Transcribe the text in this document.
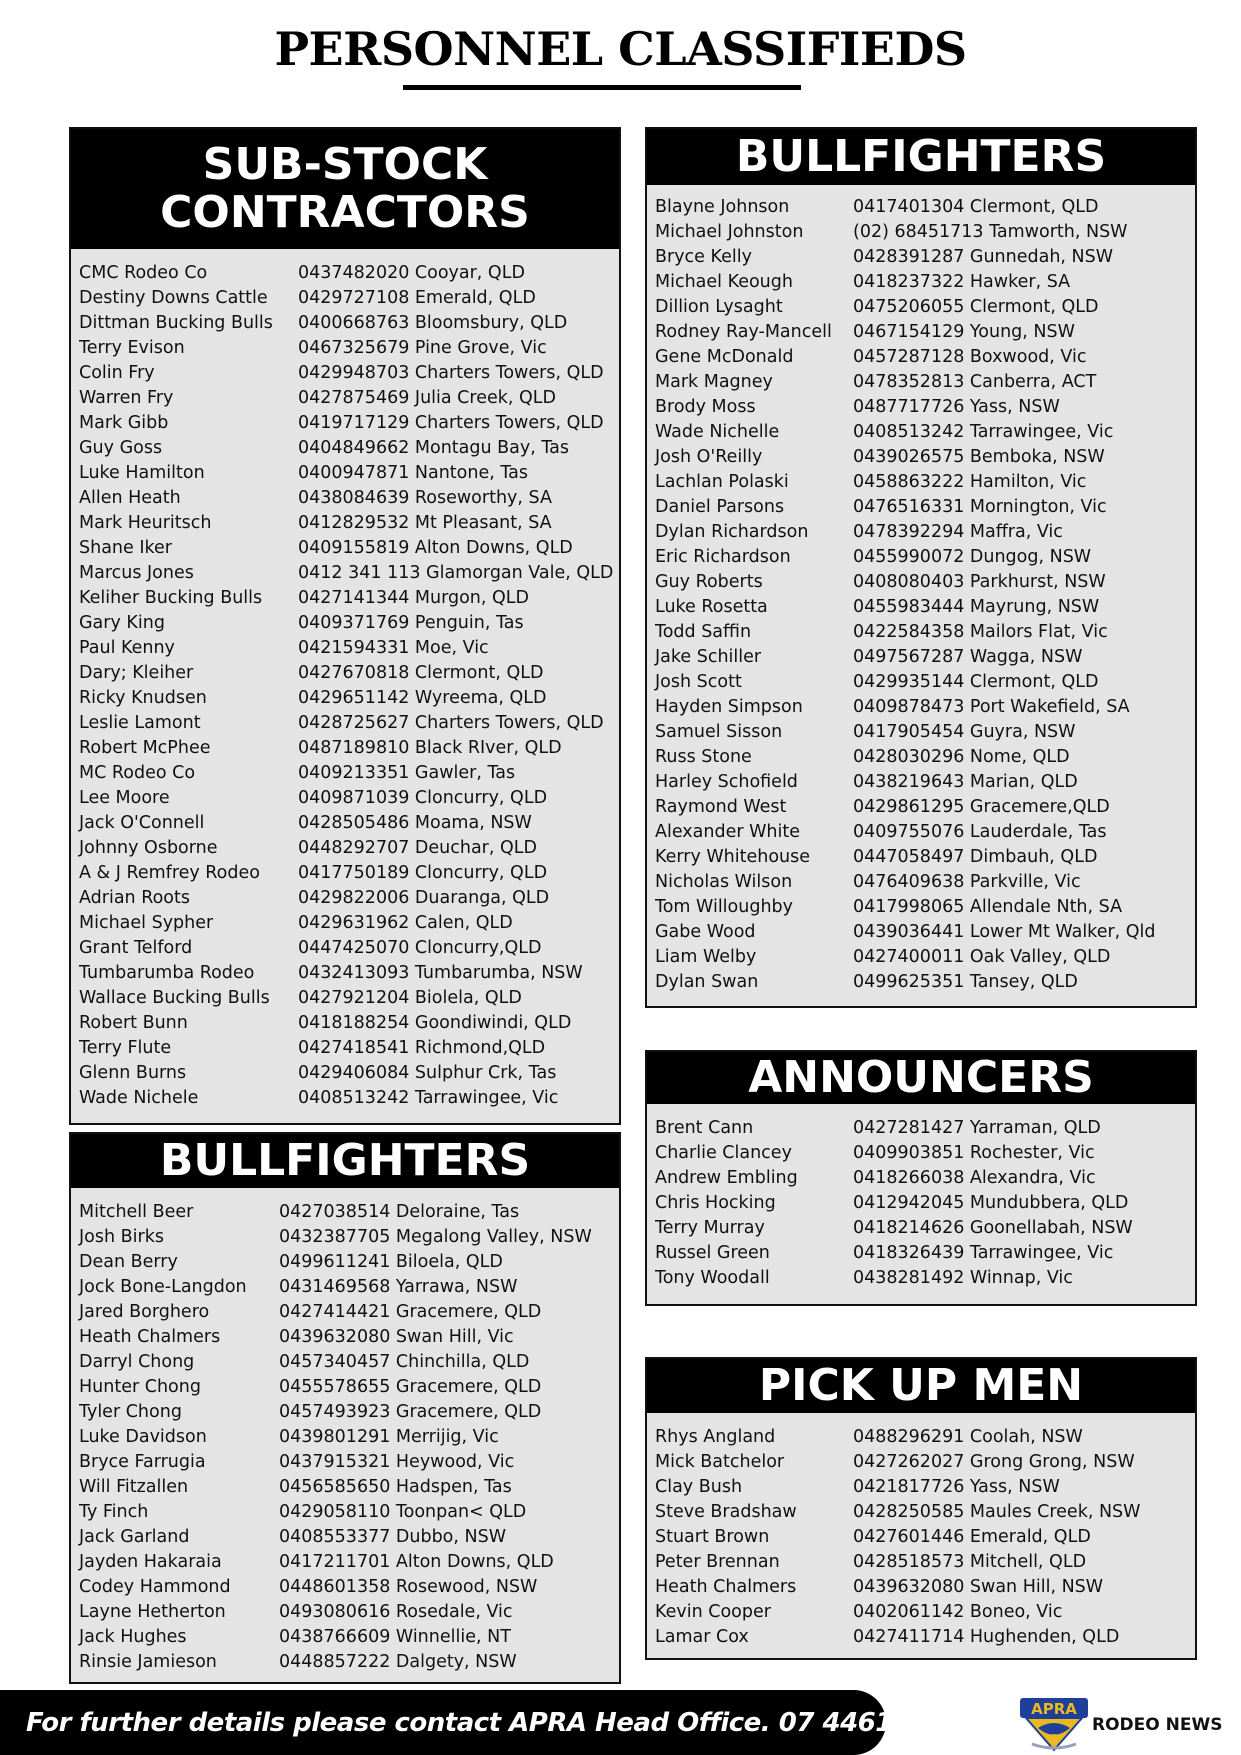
PERSONNEL CLASSIFIEDS
SUB-STOCK
CONTRACTORS
CMC Rodeo Co	0437482020 Cooyar, QLD
Destiny Downs Cattle	0429727108 Emerald, QLD
Dittman Bucking Bulls	0400668763 Bloomsbury, QLD
Terry Evison	0467325679 Pine Grove, Vic
Colin Fry	0429948703 Charters Towers, QLD
Warren Fry	0427875469 Julia Creek, QLD
Mark Gibb	0419717129 Charters Towers, QLD
Guy Goss	0404849662 Montagu Bay, Tas
Luke Hamilton	0400947871 Nantone, Tas
Allen Heath	0438084639 Roseworthy, SA
Mark Heuritsch	0412829532 Mt Pleasant, SA
Shane Iker	0409155819 Alton Downs, QLD
Marcus Jones	0412 341 113 Glamorgan Vale, QLD
Keliher Bucking Bulls	0427141344 Murgon, QLD
Gary King	0409371769 Penguin, Tas
Paul Kenny	0421594331 Moe, Vic
Dary; Kleiher	0427670818 Clermont, QLD
Ricky Knudsen	0429651142 Wyreema, QLD
Leslie Lamont	0428725627 Charters Towers, QLD
Robert McPhee	0487189810 Black RIver, QLD
MC Rodeo Co	0409213351 Gawler, Tas
Lee Moore	0409871039 Cloncurry, QLD
Jack O'Connell	0428505486 Moama, NSW
Johnny Osborne	0448292707 Deuchar, QLD
A & J Remfrey Rodeo	0417750189 Cloncurry, QLD
Adrian Roots	0429822006 Duaranga, QLD
Michael Sypher	0429631962 Calen, QLD
Grant Telford	0447425070 Cloncurry,QLD
Tumbarumba Rodeo	0432413093 Tumbarumba, NSW
Wallace Bucking Bulls	0427921204 Biolela, QLD
Robert Bunn	0418188254 Goondiwindi, QLD
Terry Flute	0427418541 Richmond,QLD
Glenn Burns	0429406084 Sulphur Crk, Tas
Wade Nichele	0408513242 Tarrawingee, Vic
BULLFIGHTERS
Mitchell Beer	0427038514 Deloraine, Tas
Josh Birks	0432387705 Megalong Valley, NSW
Dean Berry	0499611241 Biloela, QLD
Jock Bone-Langdon	0431469568 Yarrawa, NSW
Jared Borghero	0427414421 Gracemere, QLD
Heath Chalmers	0439632080 Swan Hill, Vic
Darryl Chong	0457340457 Chinchilla, QLD
Hunter Chong	0455578655 Gracemere, QLD
Tyler Chong	0457493923 Gracemere, QLD
Luke Davidson	0439801291 Merrijig, Vic
Bryce Farrugia	0437915321 Heywood, Vic
Will Fitzallen	0456585650 Hadspen, Tas
Ty Finch	0429058110 Toonpan< QLD
Jack Garland	0408553377 Dubbo, NSW
Jayden Hakaraia	0417211701 Alton Downs, QLD
Codey Hammond	0448601358 Rosewood, NSW
Layne Hetherton	0493080616 Rosedale, Vic
Jack Hughes	0438766609 Winnellie, NT
Rinsie Jamieson	0448857222 Dalgety, NSW
BULLFIGHTERS
Blayne Johnson	0417401304 Clermont, QLD
Michael Johnston	(02) 68451713 Tamworth, NSW
Bryce Kelly	0428391287 Gunnedah, NSW
Michael Keough	0418237322 Hawker, SA
Dillion Lysaght	0475206055 Clermont, QLD
Rodney Ray-Mancell	0467154129 Young, NSW
Gene McDonald	0457287128 Boxwood, Vic
Mark Magney	0478352813 Canberra, ACT
Brody Moss	0487717726 Yass, NSW
Wade Nichelle	0408513242 Tarrawingee, Vic
Josh O'Reilly	0439026575 Bemboka, NSW
Lachlan Polaski	0458863222 Hamilton, Vic
Daniel Parsons	0476516331 Mornington, Vic
Dylan Richardson	0478392294 Maffra, Vic
Eric Richardson	0455990072 Dungog, NSW
Guy Roberts	0408080403 Parkhurst, NSW
Luke Rosetta	0455983444 Mayrung, NSW
Todd Saffin	0422584358 Mailors Flat, Vic
Jake Schiller	0497567287 Wagga, NSW
Josh Scott	0429935144 Clermont, QLD
Hayden Simpson	0409878473 Port Wakefield, SA
Samuel Sisson	0417905454 Guyra, NSW
Russ Stone	0428030296 Nome, QLD
Harley Schofield	0438219643 Marian, QLD
Raymond West	0429861295 Gracemere,QLD
Alexander White	0409755076 Lauderdale, Tas
Kerry Whitehouse	0447058497 Dimbauh, QLD
Nicholas Wilson	0476409638 Parkville, Vic
Tom Willoughby	0417998065 Allendale Nth, SA
Gabe Wood	0439036441 Lower Mt Walker, Qld
Liam Welby	0427400011 Oak Valley, QLD
Dylan Swan	0499625351 Tansey, QLD
ANNOUNCERS
Brent Cann	0427281427 Yarraman, QLD
Charlie Clancey	0409903851 Rochester, Vic
Andrew Embling	0418266038 Alexandra, Vic
Chris Hocking	0412942045 Mundubbera, QLD
Terry Murray	0418214626 Goonellabah, NSW
Russel Green	0418326439 Tarrawingee, Vic
Tony Woodall	0438281492 Winnap, Vic
PICK UP MEN
Rhys Angland	0488296291 Coolah, NSW
Mick Batchelor	0427262027 Grong Grong, NSW
Clay Bush	0421817726 Yass, NSW
Steve Bradshaw	0428250585 Maules Creek, NSW
Stuart Brown	0427601446 Emerald, QLD
Peter Brennan	0428518573 Mitchell, QLD
Heath Chalmers	0439632080 Swan Hill, NSW
Kevin Cooper	0402061142 Boneo, Vic
Lamar Cox	0427411714 Hughenden, QLD
For further details please contact APRA Head Office. 07 4461 8183	APRA
RODEO NEWS
